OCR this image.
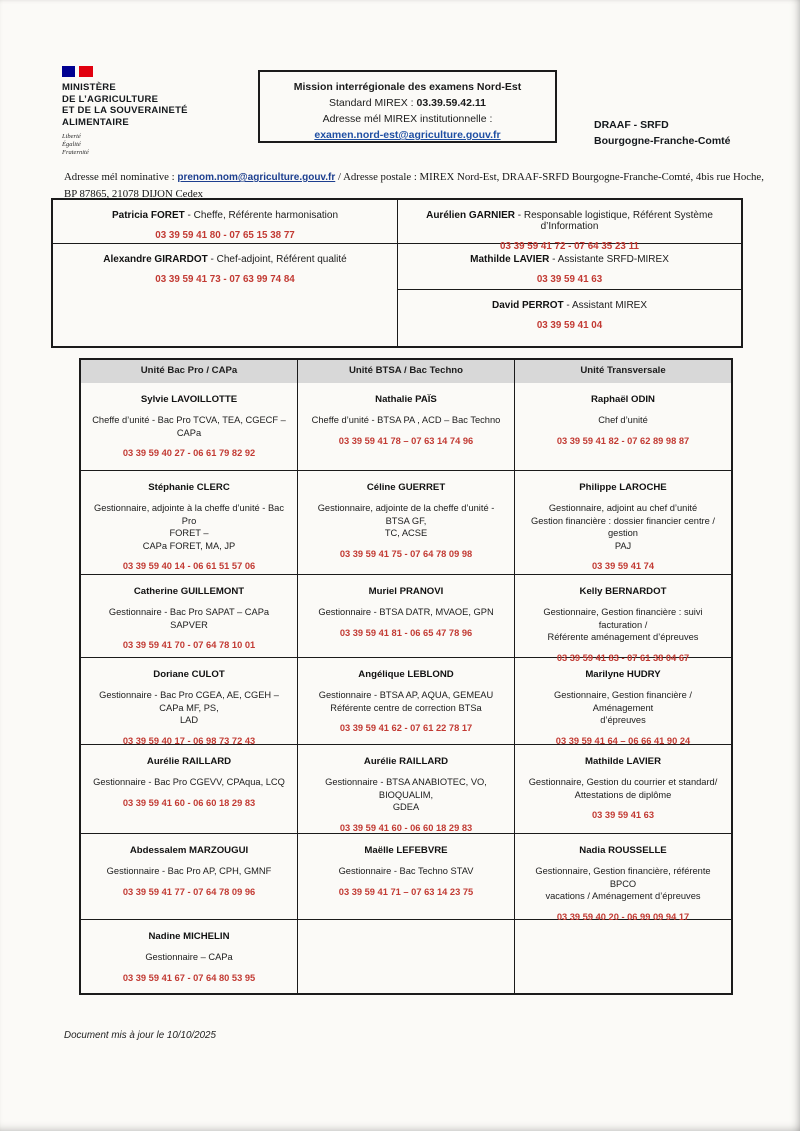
MINISTÈRE
DE L’AGRICULTURE
ET DE LA SOUVERAINETÉ
ALIMENTAIRE
Liberté
Égalité
Fraternité
Mission interrégionale des examens Nord-Est
Standard MIREX : 03.39.59.42.11
Adresse mél MIREX institutionnelle :
examen.nord-est@agriculture.gouv.fr
DRAAF - SRFD
Bourgogne-Franche-Comté
Adresse mél nominative : prenom.nom@agriculture.gouv.fr / Adresse postale : MIREX Nord-Est, DRAAF-SRFD Bourgogne-Franche-Comté, 4bis rue Hoche, BP 87865, 21078 DIJON Cedex
Patricia FORET - Cheffe, Référente harmonisation
03 39 59 41 80 - 07 65 15 38 77
Alexandre GIRARDOT - Chef-adjoint, Référent qualité
03 39 59 41 73 - 07 63 99 74 84
Aurélien GARNIER - Responsable logistique, Référent Système d’Information
03 39 59 41 72 - 07 64 35 23 11
Mathilde LAVIER - Assistante SRFD-MIREX
03 39 59 41 63
David PERROT - Assistant MIREX
03 39 59 41 04
Unité Bac Pro / CAPa	Unité BTSA / Bac Techno	Unité Transversale
Sylvie LAVOILLOTTE
Cheffe d’unité - Bac Pro TCVA, TEA, CGECF – CAPa
03 39 59 40 27 - 06 61 79 82 92
Nathalie PAÏS
Cheffe d’unité - BTSA PA , ACD – Bac Techno
03 39 59 41 78 – 07 63 14 74 96
Raphaël ODIN
Chef d’unité
03 39 59 41 82 - 07 62 89 98 87
Stéphanie CLERC
Gestionnaire, adjointe à la cheffe d’unité - Bac Pro
FORET –
CAPa FORET, MA, JP
03 39 59 40 14 - 06 61 51 57 06
Céline GUERRET
Gestionnaire, adjointe de la cheffe d’unité - BTSA GF,
TC, ACSE
03 39 59 41 75 - 07 64 78 09 98
Philippe LAROCHE
Gestionnaire, adjoint au chef d’unité
Gestion financière : dossier financier centre / gestion
PAJ
03 39 59 41 74
Catherine GUILLEMONT
Gestionnaire - Bac Pro SAPAT – CAPa SAPVER
03 39 59 41 70 - 07 64 78 10 01
Muriel PRANOVI
Gestionnaire - BTSA DATR, MVAOE, GPN
03 39 59 41 81 - 06 65 47 78 96
Kelly BERNARDOT
Gestionnaire, Gestion financière : suivi facturation /
Référente aménagement d’épreuves
03 39 59 41 83 - 07 61 38 04 67
Doriane CULOT
Gestionnaire - Bac Pro CGEA, AE, CGEH – CAPa MF, PS,
LAD
03 39 59 40 17 - 06 98 73 72 43
Angélique LEBLOND
Gestionnaire - BTSA AP, AQUA, GEMEAU
Référente centre de correction BTSa
03 39 59 41 62 - 07 61 22 78 17
Marilyne HUDRY
Gestionnaire, Gestion financière / Aménagement
d’épreuves
03 39 59 41 64 – 06 66 41 90 24
Aurélie RAILLARD
Gestionnaire - Bac Pro CGEVV, CPAqua, LCQ
03 39 59 41 60 - 06 60 18 29 83
Aurélie RAILLARD
Gestionnaire - BTSA ANABIOTEC, VO, BIOQUALIM,
GDEA
03 39 59 41 60 - 06 60 18 29 83
Mathilde LAVIER
Gestionnaire, Gestion du courrier et standard/
Attestations de diplôme
03 39 59 41 63
Abdessalem MARZOUGUI
Gestionnaire - Bac Pro AP, CPH, GMNF
03 39 59 41 77 - 07 64 78 09 96
Maëlle LEFEBVRE
Gestionnaire - Bac Techno STAV
03 39 59 41 71 – 07 63 14 23 75
Nadia ROUSSELLE
Gestionnaire, Gestion financière, référente BPCO
vacations / Aménagement d’épreuves
03 39 59 40 20 - 06 99 09 94 17
Nadine MICHELIN
Gestionnaire – CAPa
03 39 59 41 67 - 07 64 80 53 95
Document mis à jour le 10/10/2025
